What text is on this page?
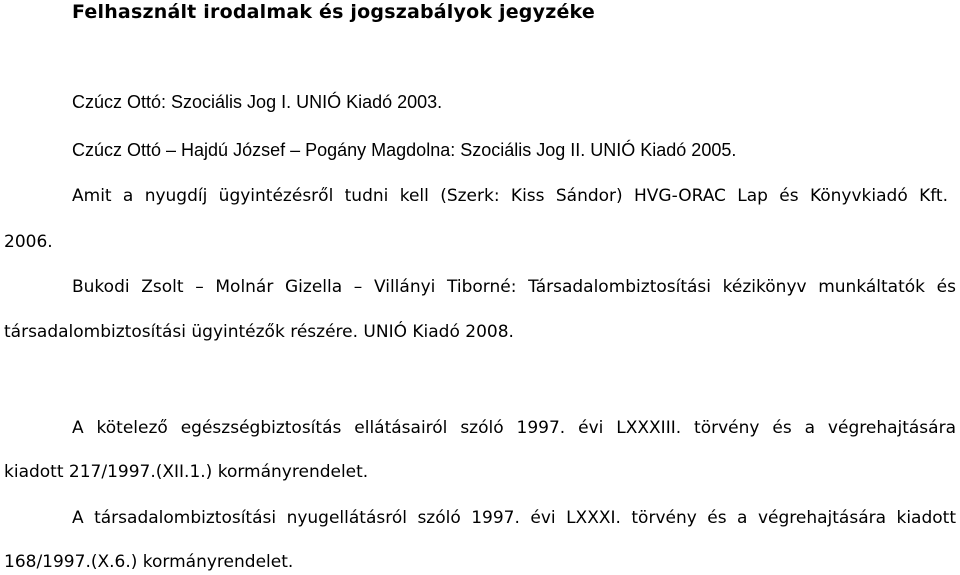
Felhasznált irodalmak és jogszabályok jegyzéke
Czúcz Ottó: Szociális Jog I. UNIÓ Kiadó 2003.
Czúcz Ottó – Hajdú József – Pogány Magdolna: Szociális Jog II. UNIÓ Kiadó 2005.
Amit a nyugdíj ügyintézésről tudni kell (Szerk: Kiss Sándor) HVG-ORAC Lap és Könyvkiadó Kft.
2006.
Bukodi Zsolt – Molnár Gizella – Villányi Tiborné: Társadalombiztosítási kézikönyv munkáltatók és
társadalombiztosítási ügyintézők részére. UNIÓ Kiadó 2008.
A kötelező egészségbiztosítás ellátásairól szóló 1997. évi LXXXIII. törvény és a végrehajtására
kiadott 217/1997.(XII.1.) kormányrendelet.
A társadalombiztosítási nyugellátásról szóló 1997. évi LXXXI. törvény és a végrehajtására kiadott
168/1997.(X.6.) kormányrendelet.
